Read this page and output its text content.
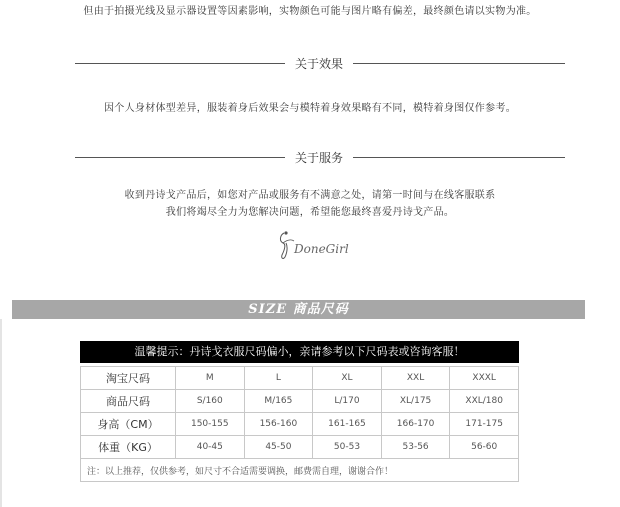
但由于拍摄光线及显示器设置等因素影响，实物颜色可能与图片略有偏差，最终颜色请以实物为准。
关于效果
因个人身材体型差异，服装着身后效果会与模特着身效果略有不同，模特着身图仅作参考。
关于服务
收到丹诗戈产品后，如您对产品或服务有不满意之处，请第一时间与在线客服联系
我们将竭尽全力为您解决问题，希望能您最终喜爱丹诗戈产品。
DoneGirl
SIZE 商品尺码
温馨提示：丹诗戈衣服尺码偏小，亲请参考以下尺码表或咨询客服！
淘宝尺码	M	L	XL	XXL	XXXL
商品尺码	S/160	M/165	L/170	XL/175	XXL/180
身高（CM）	150-155	156-160	161-165	166-170	171-175
体重（KG）	40-45	45-50	50-53	53-56	56-60
注：以上推荐，仅供参考，如尺寸不合适需要调换，邮费需自理，谢谢合作！					
